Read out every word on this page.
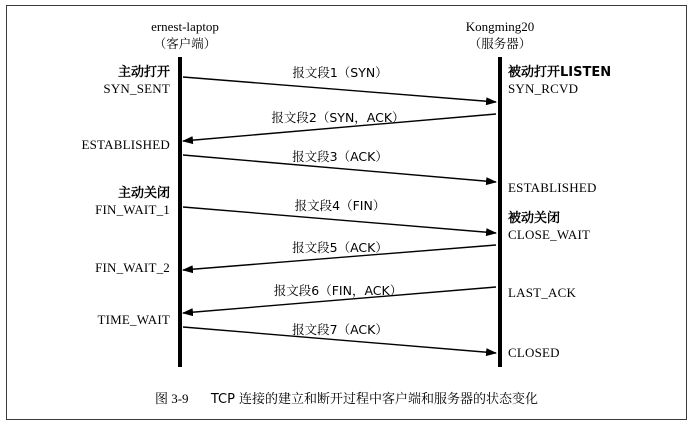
ernest-laptop
（客户端）
Kongming20
（服务器）
报文段1（SYN）
报文段2（SYN，ACK）
报文段3（ACK）
报文段4（FIN）
报文段5（ACK）
报文段6（FIN，ACK）
报文段7（ACK）
主动打开
SYN_SENT
ESTABLISHED
主动关闭
FIN_WAIT_1
FIN_WAIT_2
TIME_WAIT
被动打开LISTEN
SYN_RCVD
ESTABLISHED
被动关闭
CLOSE_WAIT
LAST_ACK
CLOSED
图 3-9 TCP 连接的建立和断开过程中客户端和服务器的状态变化
